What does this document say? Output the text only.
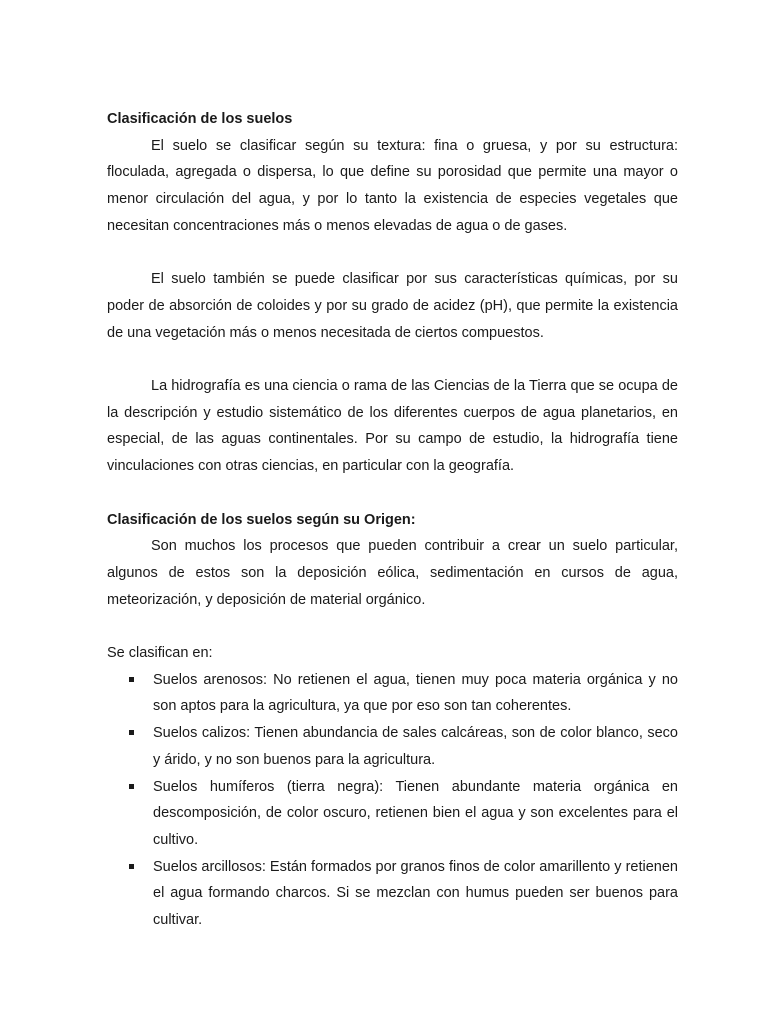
Clasificación de los suelos

El suelo se clasificar según su textura: fina o gruesa, y por su estructura: floculada, agregada o dispersa, lo que define su porosidad que permite una mayor o menor circulación del agua, y por lo tanto la existencia de especies vegetales que necesitan concentraciones más o menos elevadas de agua o de gases.

El suelo también se puede clasificar por sus características químicas, por su poder de absorción de coloides y por su grado de acidez (pH), que permite la existencia de una vegetación más o menos necesitada de ciertos compuestos.

La hidrografía es una ciencia o rama de las Ciencias de la Tierra que se ocupa de la descripción y estudio sistemático de los diferentes cuerpos de agua planetarios, en especial, de las aguas continentales. Por su campo de estudio, la hidrografía tiene vinculaciones con otras ciencias, en particular con la geografía.

Clasificación de los suelos según su Origen:

Son muchos los procesos que pueden contribuir a crear un suelo particular, algunos de estos son la deposición eólica, sedimentación en cursos de agua, meteorización, y deposición de material orgánico.

Se clasifican en:

Suelos arenosos: No retienen el agua, tienen muy poca materia orgánica y no son aptos para la agricultura, ya que por eso son tan coherentes.
Suelos calizos: Tienen abundancia de sales calcáreas, son de color blanco, seco y árido, y no son buenos para la agricultura.
Suelos humíferos (tierra negra): Tienen abundante materia orgánica en descomposición, de color oscuro, retienen bien el agua y son excelentes para el cultivo.
Suelos arcillosos: Están formados por granos finos de color amarillento y retienen el agua formando charcos. Si se mezclan con humus pueden ser buenos para cultivar.
